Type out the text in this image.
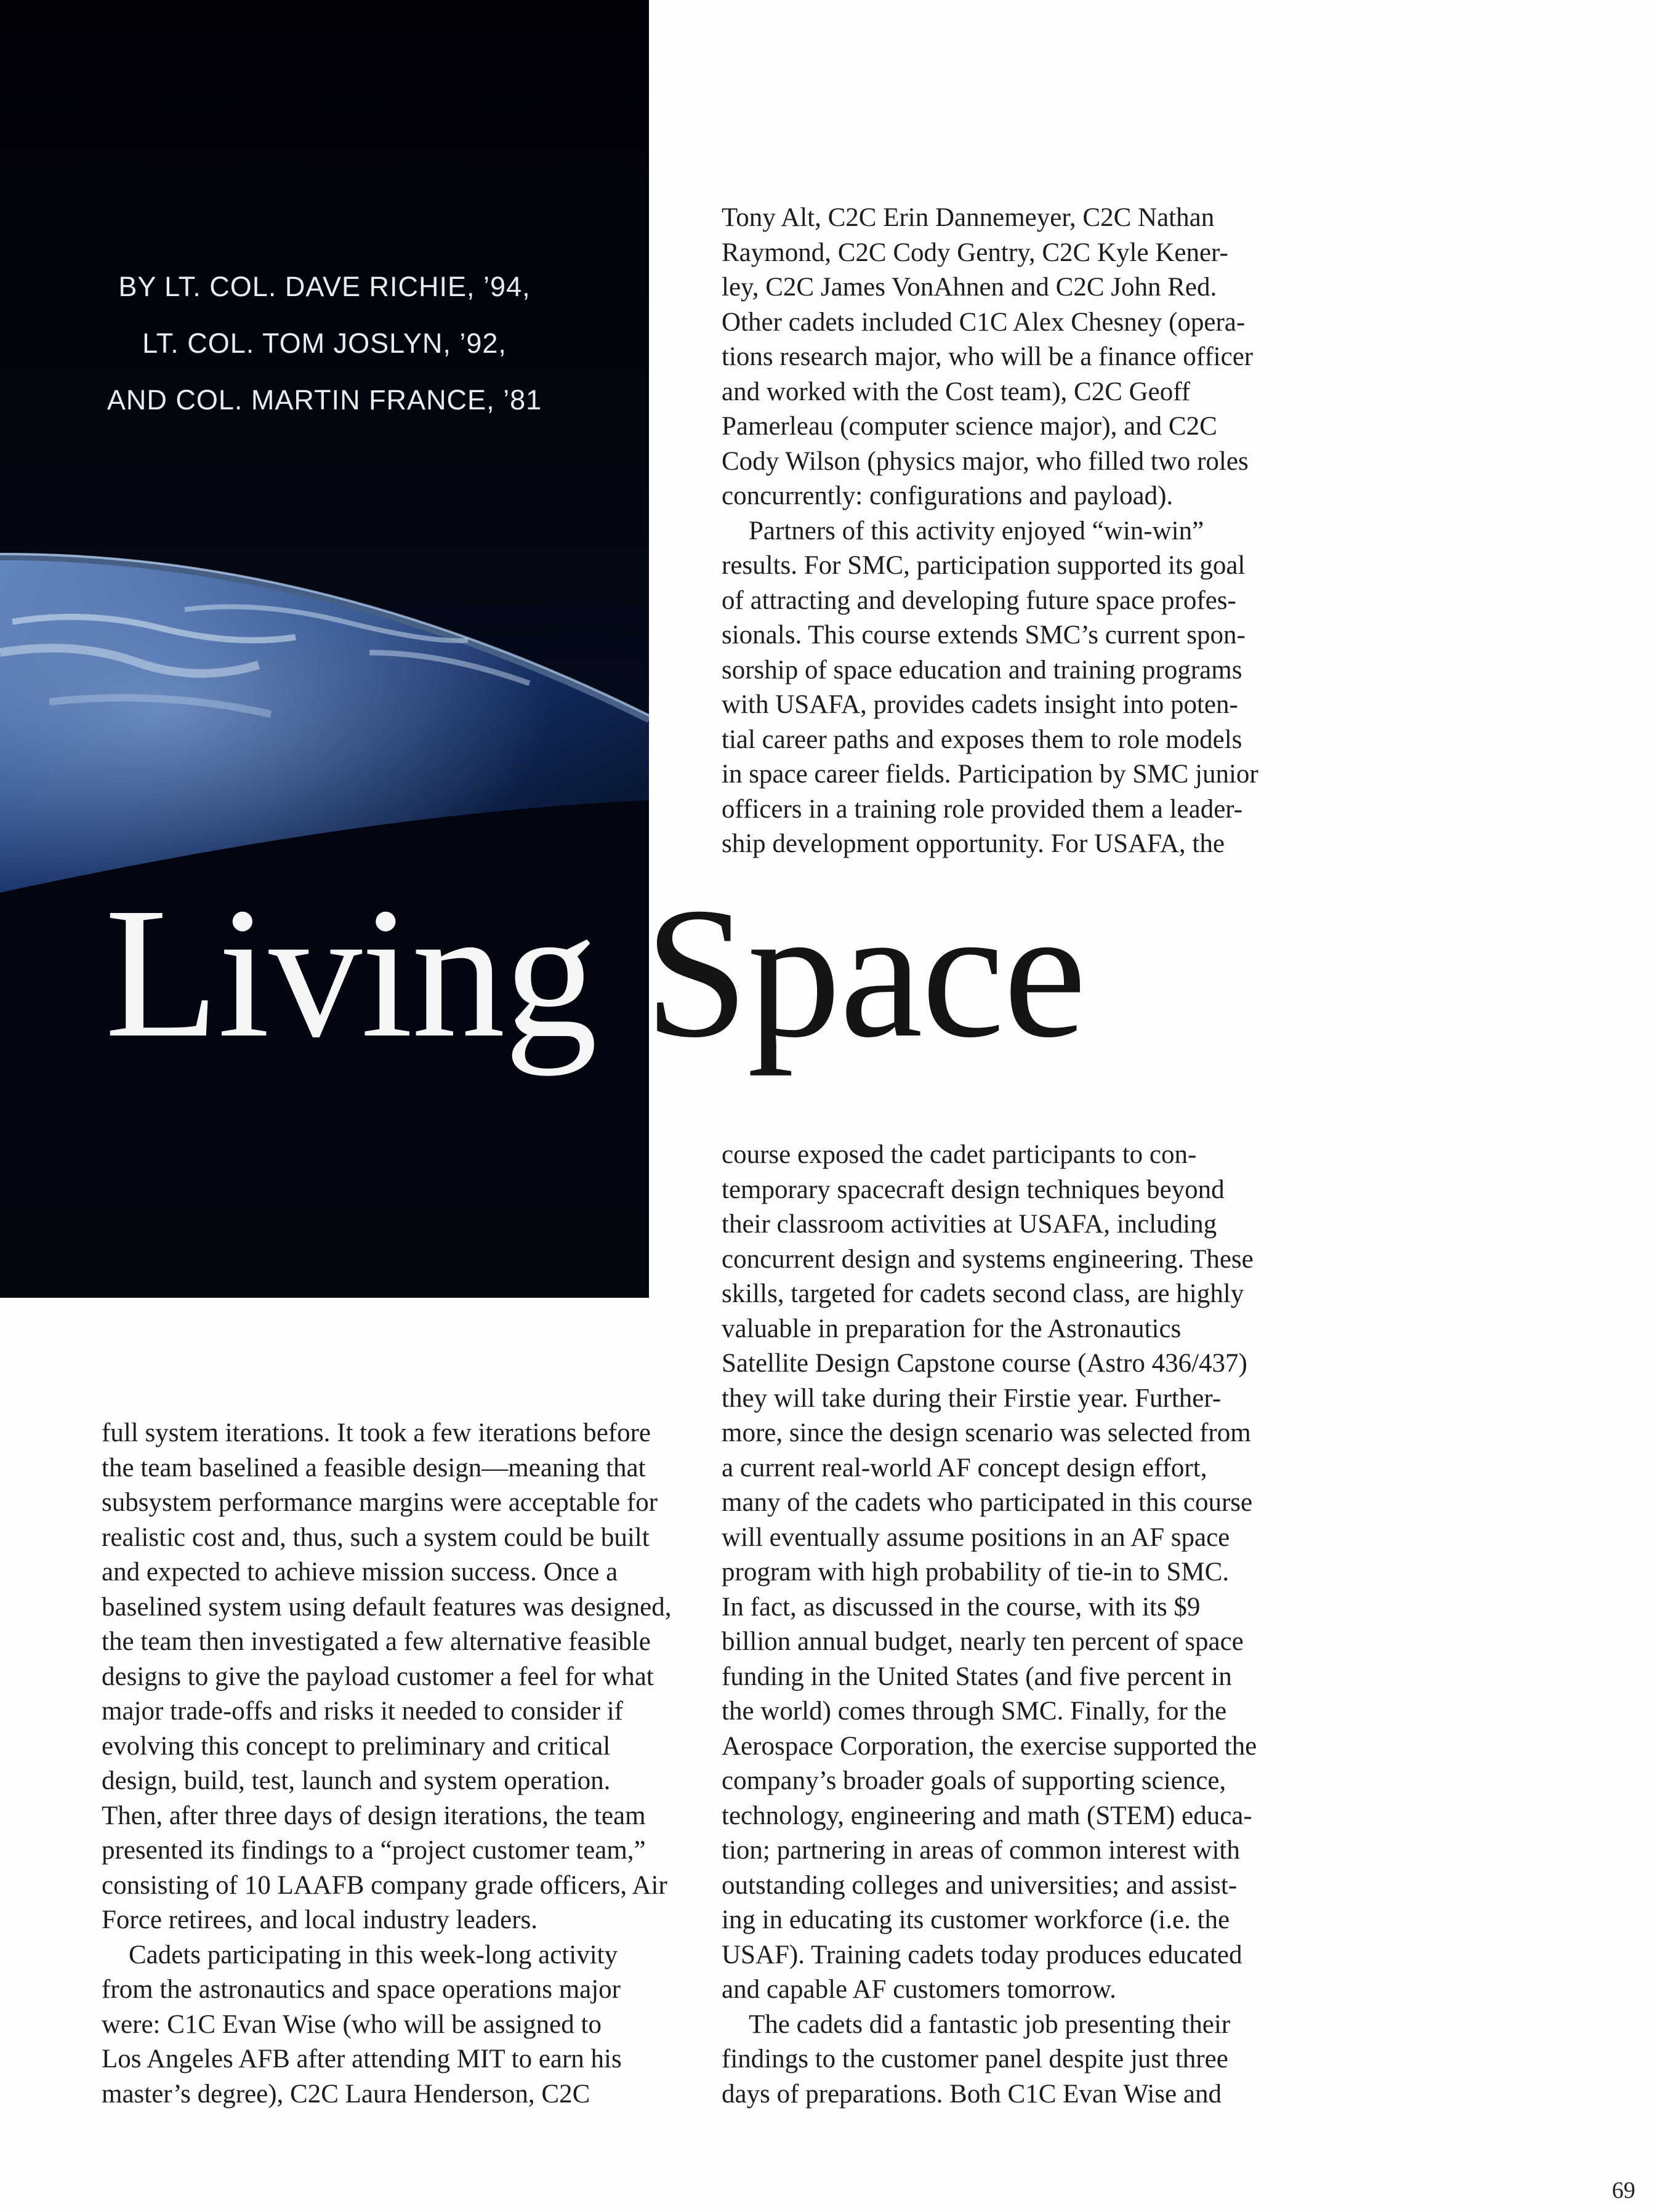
BY LT. COL. DAVE RICHIE, ’94,
LT. COL. TOM JOSLYN, ’92,
AND COL. MARTIN FRANCE, ’81
Living Space
Tony Alt, C2C Erin Dannemeyer, C2C Nathan
Raymond, C2C Cody Gentry, C2C Kyle Kener-
ley, C2C James VonAhnen and C2C John Red.
Other cadets included C1C Alex Chesney (opera-
tions research major, who will be a finance officer
and worked with the Cost team), C2C Geoff
Pamerleau (computer science major), and C2C
Cody Wilson (physics major, who filled two roles
concurrently: configurations and payload).
Partners of this activity enjoyed “win-win”
results. For SMC, participation supported its goal
of attracting and developing future space profes-
sionals. This course extends SMC’s current spon-
sorship of space education and training programs
with USAFA, provides cadets insight into poten-
tial career paths and exposes them to role models
in space career fields. Participation by SMC junior
officers in a training role provided them a leader-
ship development opportunity. For USAFA, the
course exposed the cadet participants to con-
temporary spacecraft design techniques beyond
their classroom activities at USAFA, including
concurrent design and systems engineering. These
skills, targeted for cadets second class, are highly
valuable in preparation for the Astronautics
Satellite Design Capstone course (Astro 436/437)
they will take during their Firstie year. Further-
more, since the design scenario was selected from
a current real-world AF concept design effort,
many of the cadets who participated in this course
will eventually assume positions in an AF space
program with high probability of tie-in to SMC.
In fact, as discussed in the course, with its $9
billion annual budget, nearly ten percent of space
funding in the United States (and five percent in
the world) comes through SMC. Finally, for the
Aerospace Corporation, the exercise supported the
company’s broader goals of supporting science,
technology, engineering and math (STEM) educa-
tion; partnering in areas of common interest with
outstanding colleges and universities; and assist-
ing in educating its customer workforce (i.e. the
USAF). Training cadets today produces educated
and capable AF customers tomorrow.
The cadets did a fantastic job presenting their
findings to the customer panel despite just three
days of preparations. Both C1C Evan Wise and
full system iterations. It took a few iterations before
the team baselined a feasible design—meaning that
subsystem performance margins were acceptable for
realistic cost and, thus, such a system could be built
and expected to achieve mission success. Once a
baselined system using default features was designed,
the team then investigated a few alternative feasible
designs to give the payload customer a feel for what
major trade-offs and risks it needed to consider if
evolving this concept to preliminary and critical
design, build, test, launch and system operation.
Then, after three days of design iterations, the team
presented its findings to a “project customer team,”
consisting of 10 LAAFB company grade officers, Air
Force retirees, and local industry leaders.
Cadets participating in this week-long activity
from the astronautics and space operations major
were: C1C Evan Wise (who will be assigned to
Los Angeles AFB after attending MIT to earn his
master’s degree), C2C Laura Henderson, C2C
69
